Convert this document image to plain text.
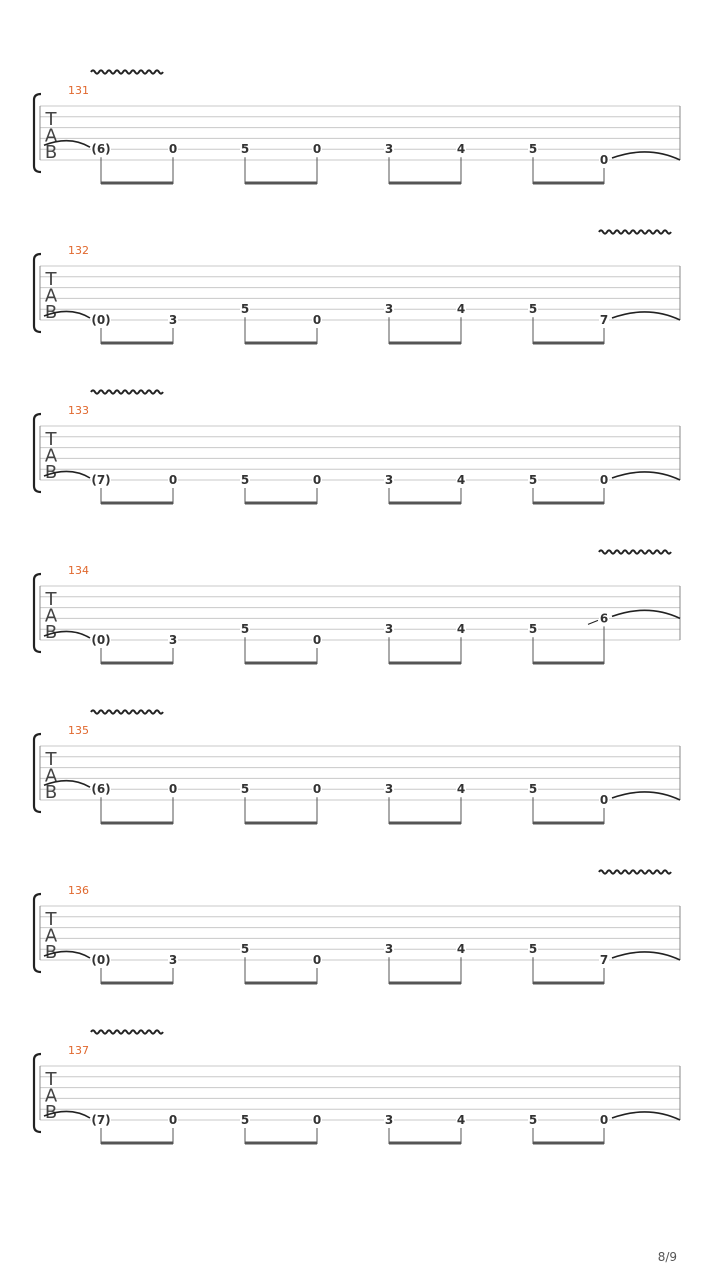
T
A
B
131
(6)	0	5	0	3	4	5
0
T
A
B
132
(0)	3
5
0
3	4	5
7
T
A
B
133
(7)	0	5	0	3	4	5	0
T
A
B
134
(0)	3
5
0
3	4	5
6
T
A
B
135
(6)	0	5	0	3	4	5
0
T
A
B
136
(0)	3
5
0
3	4	5
7
T
A
B
137
(7)	0	5	0	3	4	5	0
8/9
